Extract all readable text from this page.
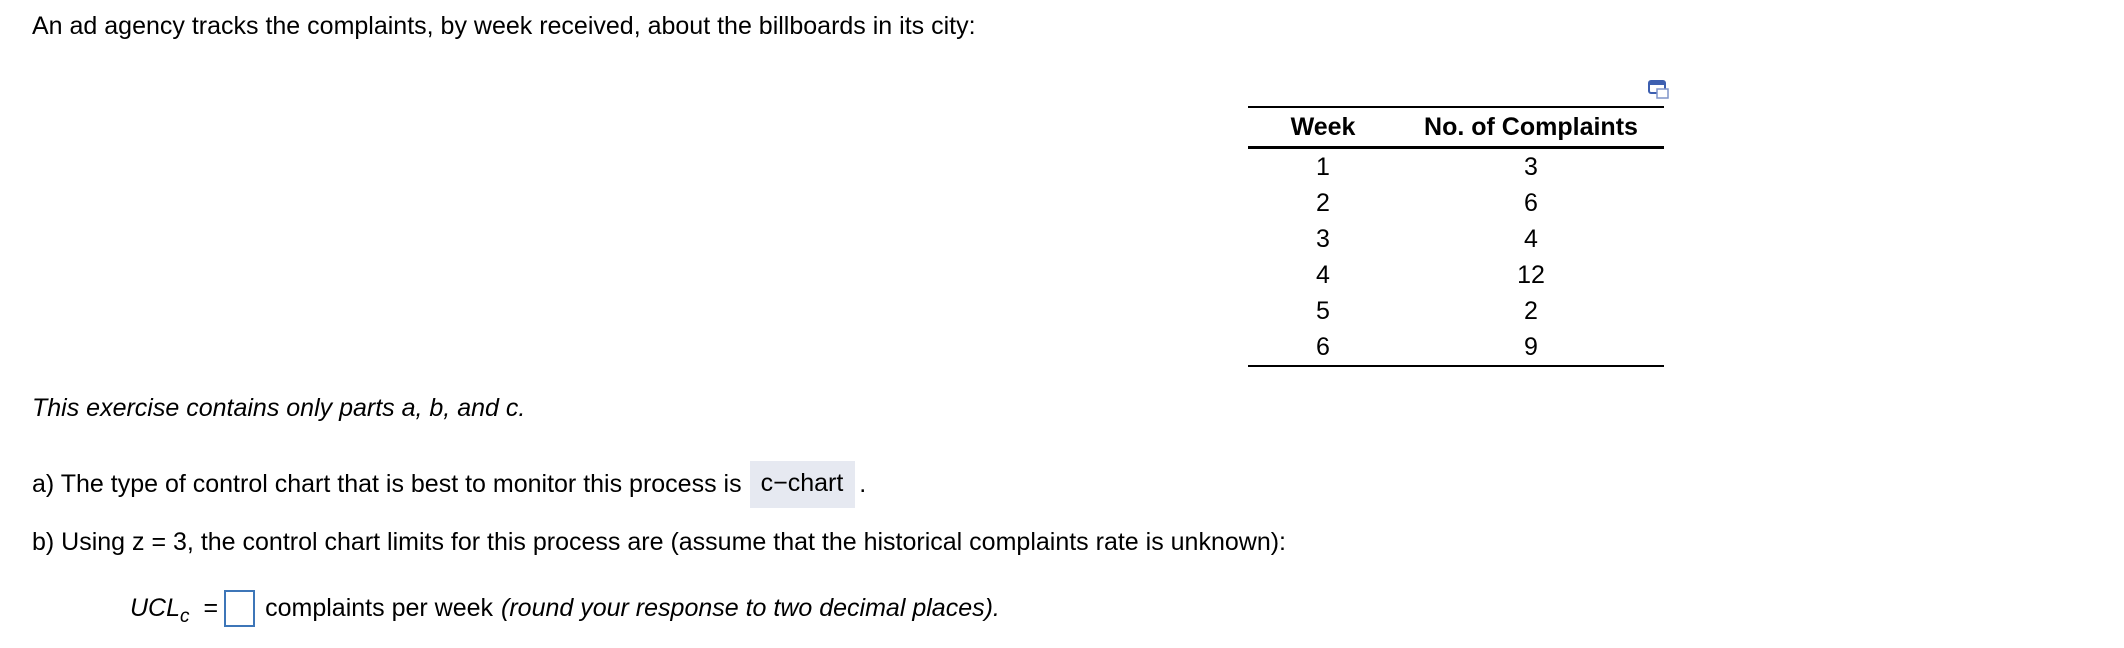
An ad agency tracks the complaints, by week received, about the billboards in its city:
Week	No. of Complaints
1	3
2	6
3	4
4	12
5	2
6	9
This exercise contains only parts a, b, and c.
a) The type of control chart that is best to monitor this process is c−chart .
b) Using z = 3, the control chart limits for this process are (assume that the historical complaints rate is unknown):
$UCL_c$ = complaints per week (round your response to two decimal places).
